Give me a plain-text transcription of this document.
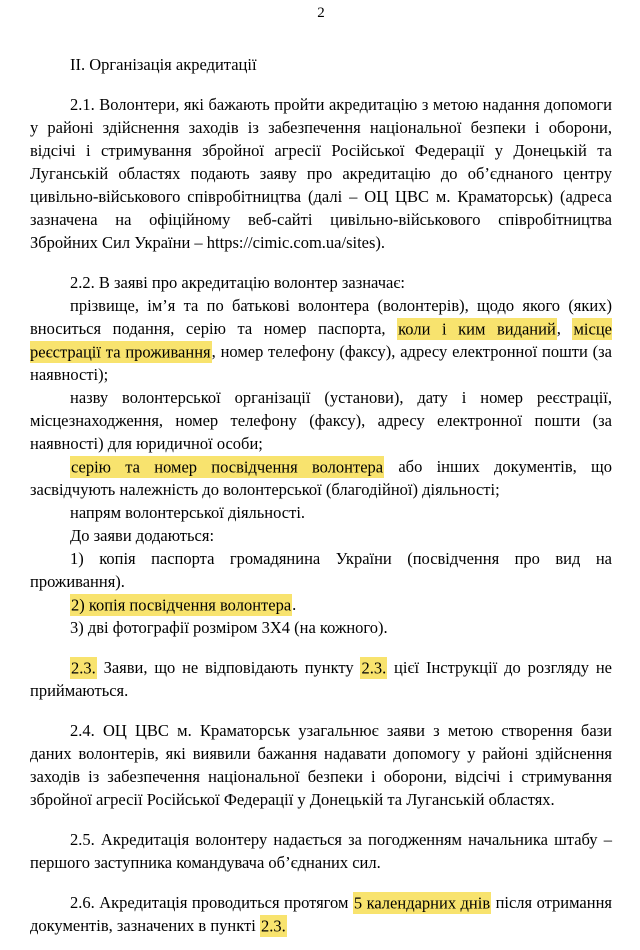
2

II. Організація акредитації

2.1. Волонтери, які бажають пройти акредитацію з метою надання допомоги у районі здійснення заходів із забезпечення національної безпеки і оборони, відсічі і стримування збройної агресії Російської Федерації у Донецькій та Луганській областях подають заяву про акредитацію до об’єднаного центру цивільно-військового співробітництва (далі – ОЦ ЦВС м. Краматорськ) (адреса зазначена на офіційному веб-сайті цивільно-військового співробітництва Збройних Сил України – https://cimic.com.ua/sites).

2.2. В заяві про акредитацію волонтер зазначає:

прізвище, ім’я та по батькові волонтера (волонтерів), щодо якого (яких) вноситься подання, серію та номер паспорта, коли і ким виданий, місце реєстрації та проживання, номер телефону (факсу), адресу електронної пошти (за наявності);

назву волонтерської організації (установи), дату і номер реєстрації, місцезнаходження, номер телефону (факсу), адресу електронної пошти (за наявності) для юридичної особи;

серію та номер посвідчення волонтера або інших документів, що засвідчують належність до волонтерської (благодійної) діяльності;

напрям волонтерської діяльності.

До заяви додаються:

1) копія паспорта громадянина України (посвідчення про вид на проживання).

2) копія посвідчення волонтера.

3) дві фотографії розміром 3Х4 (на кожного).

2.3. Заяви, що не відповідають пункту 2.3. цієї Інструкції до розгляду не приймаються.

2.4. ОЦ ЦВС м. Краматорськ узагальнює заяви з метою створення бази даних волонтерів, які виявили бажання надавати допомогу у районі здійснення заходів із забезпечення національної безпеки і оборони, відсічі і стримування збройної агресії Російської Федерації у Донецькій та Луганській областях.

2.5. Акредитація волонтеру надається за погодженням начальника штабу – першого заступника командувача об’єднаних сил.

2.6. Акредитація проводиться протягом 5 календарних днів після отримання документів, зазначених в пункті 2.3.
